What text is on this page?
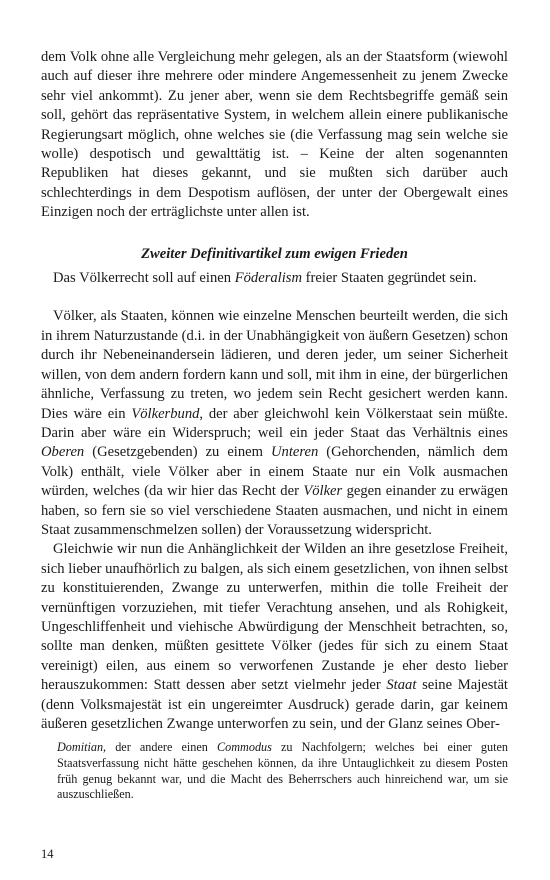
dem Volk ohne alle Vergleichung mehr gelegen, als an der Staatsform (wiewohl auch auf dieser ihre mehrere oder mindere Angemessenheit zu jenem Zwecke sehr viel ankommt). Zu jener aber, wenn sie dem Rechtsbegriffe gemäß sein soll, gehört das repräsentative System, in welchem allein einere publikanische Regierungsart möglich, ohne welches sie (die Verfassung mag sein welche sie wolle) despotisch und gewalttätig ist. – Keine der alten sogenannten Republiken hat dieses gekannt, und sie mußten sich darüber auch schlechterdings in dem Despotism auflösen, der unter der Obergewalt eines Einzigen noch der erträglichste unter allen ist.

Zweiter Definitivartikel zum ewigen Frieden

Das Völkerrecht soll auf einen Föderalism freier Staaten gegründet sein.

Völker, als Staaten, können wie einzelne Menschen beurteilt werden, die sich in ihrem Naturzustande (d.i. in der Unabhängigkeit von äußern Gesetzen) schon durch ihr Nebeneinandersein lädieren, und deren jeder, um seiner Sicherheit willen, von dem andern fordern kann und soll, mit ihm in eine, der bürgerlichen ähnliche, Verfassung zu treten, wo jedem sein Recht gesichert werden kann. Dies wäre ein Völkerbund, der aber gleichwohl kein Völkerstaat sein müßte. Darin aber wäre ein Widerspruch; weil ein jeder Staat das Verhältnis eines Oberen (Gesetzgebenden) zu einem Unteren (Gehorchenden, nämlich dem Volk) enthält, viele Völker aber in einem Staate nur ein Volk ausmachen würden, welches (da wir hier das Recht der Völker gegen einander zu erwägen haben, so fern sie so viel verschiedene Staaten ausmachen, und nicht in einem Staat zusammenschmelzen sollen) der Voraussetzung widerspricht.

Gleichwie wir nun die Anhänglichkeit der Wilden an ihre gesetzlose Freiheit, sich lieber unaufhörlich zu balgen, als sich einem gesetzlichen, von ihnen selbst zu konstituierenden, Zwange zu unterwerfen, mithin die tolle Freiheit der vernünftigen vorzuziehen, mit tiefer Verachtung ansehen, und als Rohigkeit, Ungeschliffenheit und viehische Abwürdigung der Menschheit betrachten, so, sollte man denken, müßten gesittete Völker (jedes für sich zu einem Staat vereinigt) eilen, aus einem so verworfenen Zustande je eher desto lieber herauszukommen: Statt dessen aber setzt vielmehr jeder Staat seine Majestät (denn Volksmajestät ist ein ungereimter Ausdruck) gerade darin, gar keinem äußeren gesetzlichen Zwange unterworfen zu sein, und der Glanz seines Ober-

Domitian, der andere einen Commodus zu Nachfolgern; welches bei einer guten Staatsverfassung nicht hätte geschehen können, da ihre Untauglichkeit zu diesem Posten früh genug bekannt war, und die Macht des Beherrschers auch hinreichend war, um sie auszuschließen.

14
